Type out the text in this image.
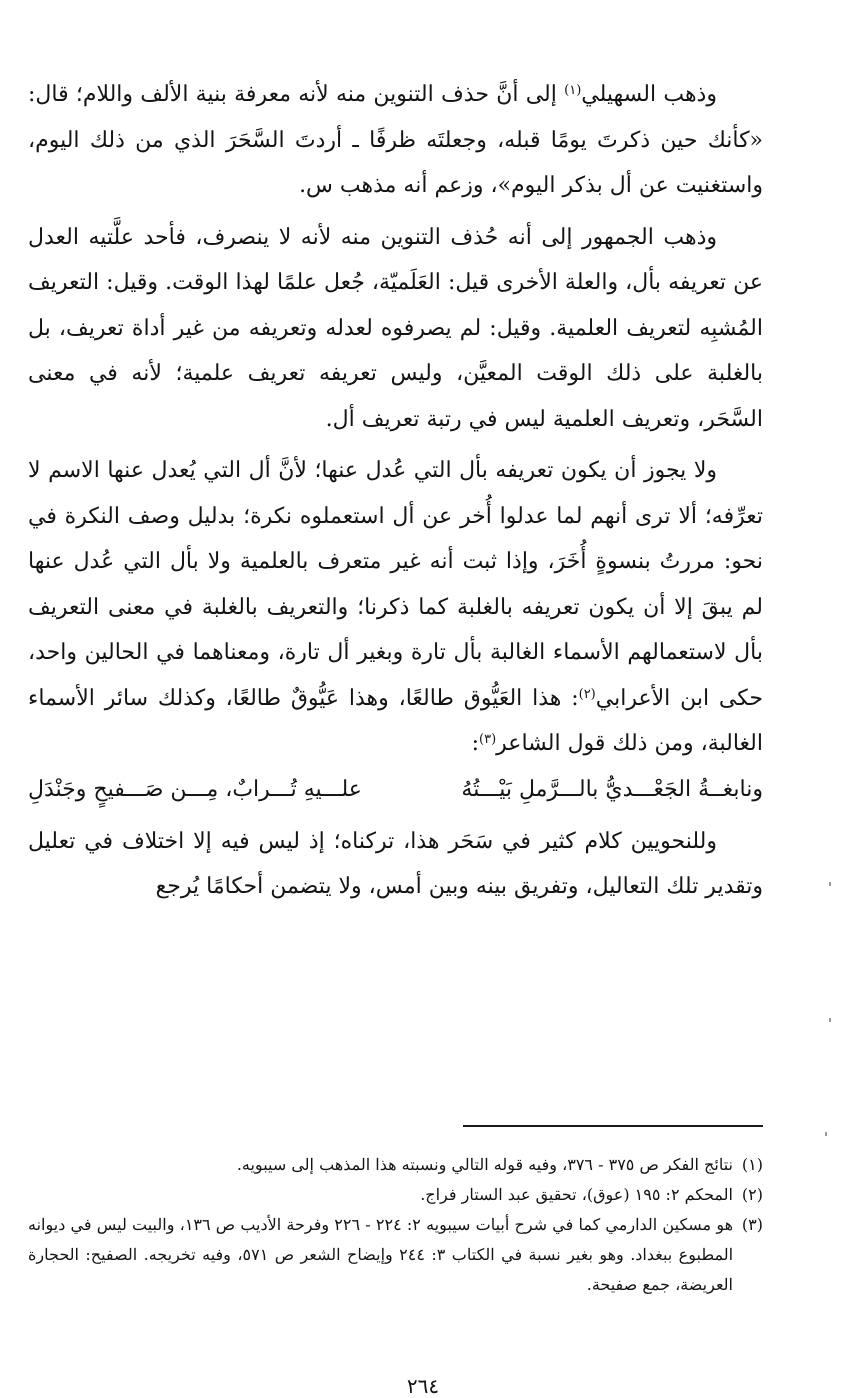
وذهب السهيلي$^{(١)}$ إلى أنَّ حذف التنوين منه لأنه معرفة بنية الألف واللام؛ قال: «كأنك حين ذكرتَ يومًا قبله، وجعلتَه ظرفًا ـ أردتَ السَّحَرَ الذي من ذلك اليوم، واستغنيت عن أل بذكر اليوم»، وزعم أنه مذهب س.

وذهب الجمهور إلى أنه حُذف التنوين منه لأنه لا ينصرف، فأحد علَّتيه العدل عن تعريفه بأل، والعلة الأخرى قيل: العَلَميّة، جُعل علمًا لهذا الوقت. وقيل: التعريف المُشبِه لتعريف العلمية. وقيل: لم يصرفوه لعدله وتعريفه من غير أداة تعريف، بل بالغلبة على ذلك الوقت المعيَّن، وليس تعريفه تعريف علمية؛ لأنه في معنى السَّحَر، وتعريف العلمية ليس في رتبة تعريف أل.

ولا يجوز أن يكون تعريفه بأل التي عُدل عنها؛ لأنَّ أل التي يُعدل عنها الاسم لا تعرِّفه؛ ألا ترى أنهم لما عدلوا أُخر عن أل استعملوه نكرة؛ بدليل وصف النكرة في نحو: مررتُ بنسوةٍ أُخَرَ، وإذا ثبت أنه غير متعرف بالعلمية ولا بأل التي عُدل عنها لم يبقَ إلا أن يكون تعريفه بالغلبة كما ذكرنا؛ والتعريف بالغلبة في معنى التعريف بأل لاستعمالهم الأسماء الغالبة بأل تارة وبغير أل تارة، ومعناهما في الحالين واحد، حكى ابن الأعرابي$^{(٢)}$: هذا العَيُّوق طالعًا، وهذا عَيُّوقٌ طالعًا، وكذلك سائر الأسماء الغالبة، ومن ذلك قول الشاعر$^{(٣)}$:

ونابغــةُ الجَعْـــديُّ بالـــرَّملِ بَيْـــتُهُ
علـــيهِ تُـــرابٌ، مِـــن صَـــفيحٍ وجَنْدَلِ

وللنحويين كلام كثير في سَحَر هذا، تركناه؛ إذ ليس فيه إلا اختلاف في تعليل وتقدير تلك التعاليل، وتفريق بينه وبين أمس، ولا يتضمن أحكامًا يُرجع

(١)
نتائج الفكر ص ٣٧٥ - ٣٧٦، وفيه قوله التالي ونسبته هذا المذهب إلى سيبويه.
(٢)
المحكم ٢: ١٩٥ (عوق)، تحقيق عبد الستار فراج.
(٣)
هو مسكين الدارمي كما في شرح أبيات سيبويه ٢: ٢٢٤ - ٢٢٦ وفرحة الأديب ص ١٣٦، والبيت ليس في ديوانه المطبوع ببغداد. وهو بغير نسبة في الكتاب ٣: ٢٤٤ وإيضاح الشعر ص ٥٧١، وفيه تخريجه. الصفيح: الحجارة العريضة، جمع صفيحة.
٢٦٤
